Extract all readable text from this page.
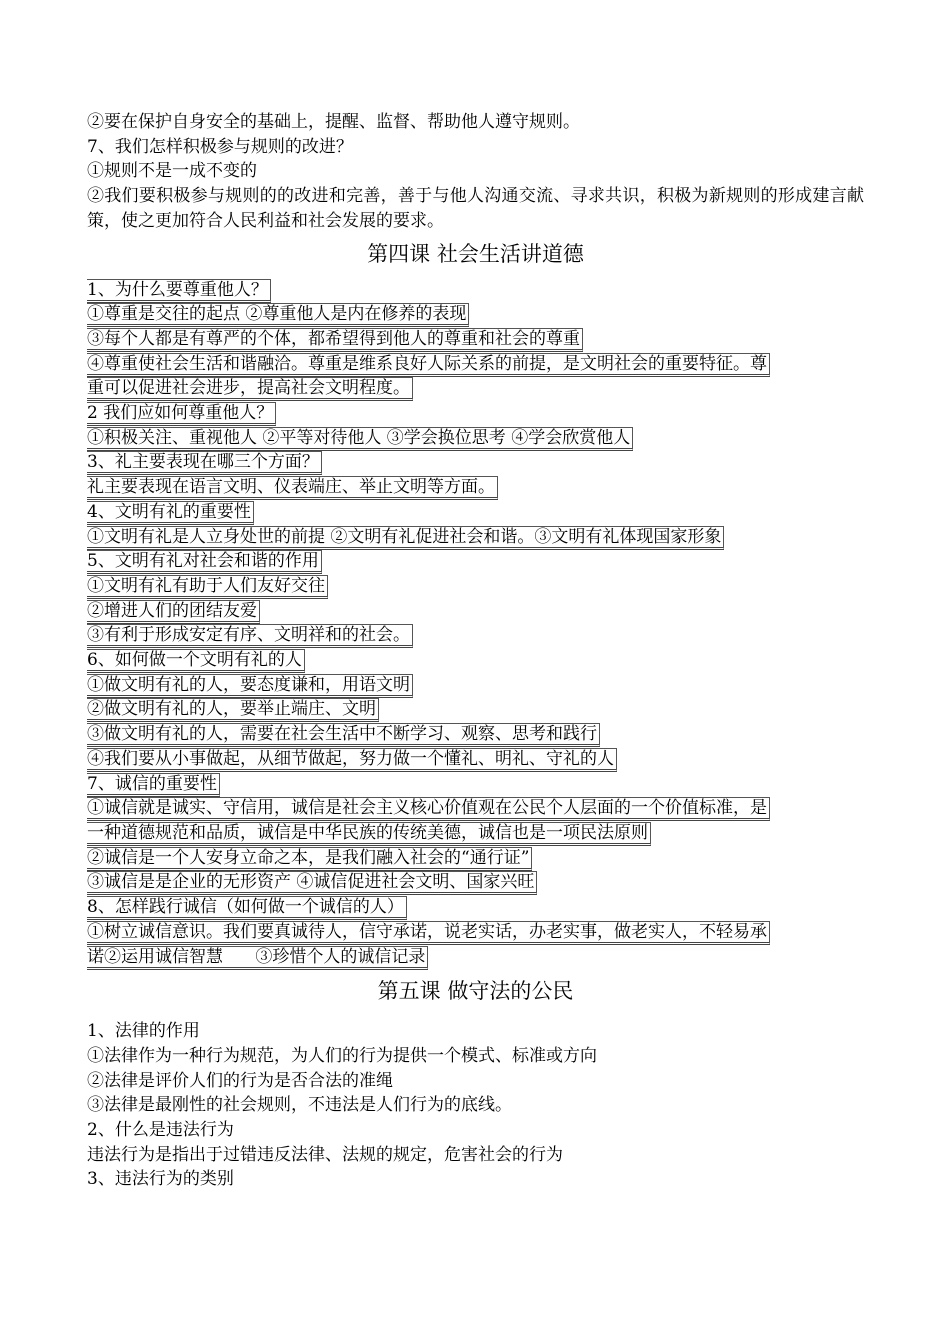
②要在保护自身安全的基础上，提醒、监督、帮助他人遵守规则。
7、我们怎样积极参与规则的改进？
①规则不是一成不变的
②我们要积极参与规则的的改进和完善，善于与他人沟通交流、寻求共识，积极为新规则的形成建言献策，使之更加符合人民利益和社会发展的要求。
第四课 社会生活讲道德
1、为什么要尊重他人？
①尊重是交往的起点 ②尊重他人是内在修养的表现
③每个人都是有尊严的个体，都希望得到他人的尊重和社会的尊重
④尊重使社会生活和谐融洽。尊重是维系良好人际关系的前提，是文明社会的重要特征。尊
重可以促进社会进步，提高社会文明程度。
2 我们应如何尊重他人？
①积极关注、重视他人 ②平等对待他人 ③学会换位思考 ④学会欣赏他人
3、礼主要表现在哪三个方面？
礼主要表现在语言文明、仪表端庄、举止文明等方面。
4、文明有礼的重要性
①文明有礼是人立身处世的前提 ②文明有礼促进社会和谐。③文明有礼体现国家形象
5、文明有礼对社会和谐的作用
①文明有礼有助于人们友好交往
②增进人们的团结友爱
③有利于形成安定有序、文明祥和的社会。
6、如何做一个文明有礼的人
①做文明有礼的人，要态度谦和，用语文明
②做文明有礼的人，要举止端庄、文明
③做文明有礼的人，需要在社会生活中不断学习、观察、思考和践行
④我们要从小事做起，从细节做起，努力做一个懂礼、明礼、守礼的人
7、诚信的重要性
①诚信就是诚实、守信用，诚信是社会主义核心价值观在公民个人层面的一个价值标准，是
一种道德规范和品质，诚信是中华民族的传统美德，诚信也是一项民法原则
②诚信是一个人安身立命之本，是我们融入社会的“通行证”
③诚信是是企业的无形资产 ④诚信促进社会文明、国家兴旺
8、怎样践行诚信（如何做一个诚信的人）
①树立诚信意识。我们要真诚待人，信守承诺，说老实话，办老实事，做老实人，不轻易承
诺②运用诚信智慧      ③珍惜个人的诚信记录
第五课 做守法的公民
1、法律的作用
①法律作为一种行为规范，为人们的行为提供一个模式、标准或方向
②法律是评价人们的行为是否合法的准绳
③法律是最刚性的社会规则，不违法是人们行为的底线。
2、什么是违法行为
违法行为是指出于过错违反法律、法规的规定，危害社会的行为
3、违法行为的类别
